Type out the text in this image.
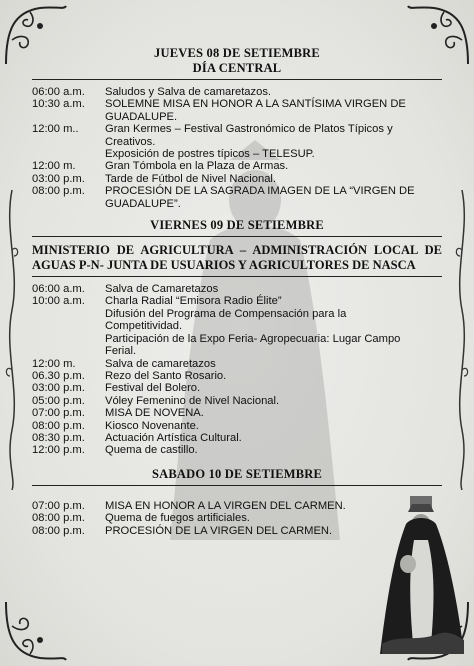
JUEVES 08 DE SETIEMBRE
DÍA CENTRAL
06:00 a.m.	Saludos y Salva de camaretazos.
10:30 a.m.	SOLEMNE MISA EN HONOR A LA SANTÍSIMA VIRGEN DE
GUADALUPE.
12:00 m..	Gran Kermes – Festival Gastronómico de Platos Típicos y
Creativos.
Exposición de postres típicos – TELESUP.
12:00 m.	Gran Tómbola en la Plaza de Armas.
03:00 p.m.	Tarde de Fútbol de Nivel Nacional.
08:00 p.m.	PROCESIÓN DE LA SAGRADA IMAGEN DE LA “VIRGEN DE
GUADALUPE”.
VIERNES 09 DE SETIEMBRE
MINISTERIO DE AGRICULTURA – ADMINISTRACIÓN LOCAL DE AGUAS P-N- JUNTA DE USUARIOS Y AGRICULTORES DE NASCA
06:00 a.m.	Salva de Camaretazos
10:00 a.m.	Charla Radial “Emisora Radio Élite”
Difusión del Programa de Compensación para la
Competitividad.
Participación de la Expo Feria- Agropecuaria: Lugar Campo
Ferial.
12:00 m.	Salva de camaretazos
06.30 p.m.	Rezo del Santo Rosario.
03:00 p.m.	Festival del Bolero.
05:00 p.m.	Vóley Femenino de Nivel Nacional.
07:00 p.m.	MISA DE NOVENA.
08:00 p.m.	Kiosco Novenante.
08:30 p.m.	Actuación Artística Cultural.
12:00 p.m.	Quema de castillo.
SABADO 10 DE SETIEMBRE
07:00 p.m.	MISA EN HONOR A LA VIRGEN DEL CARMEN.
08:00 p.m.	Quema de fuegos artificiales.
08:00 p.m.	PROCESIÓN DE LA VIRGEN DEL CARMEN.
